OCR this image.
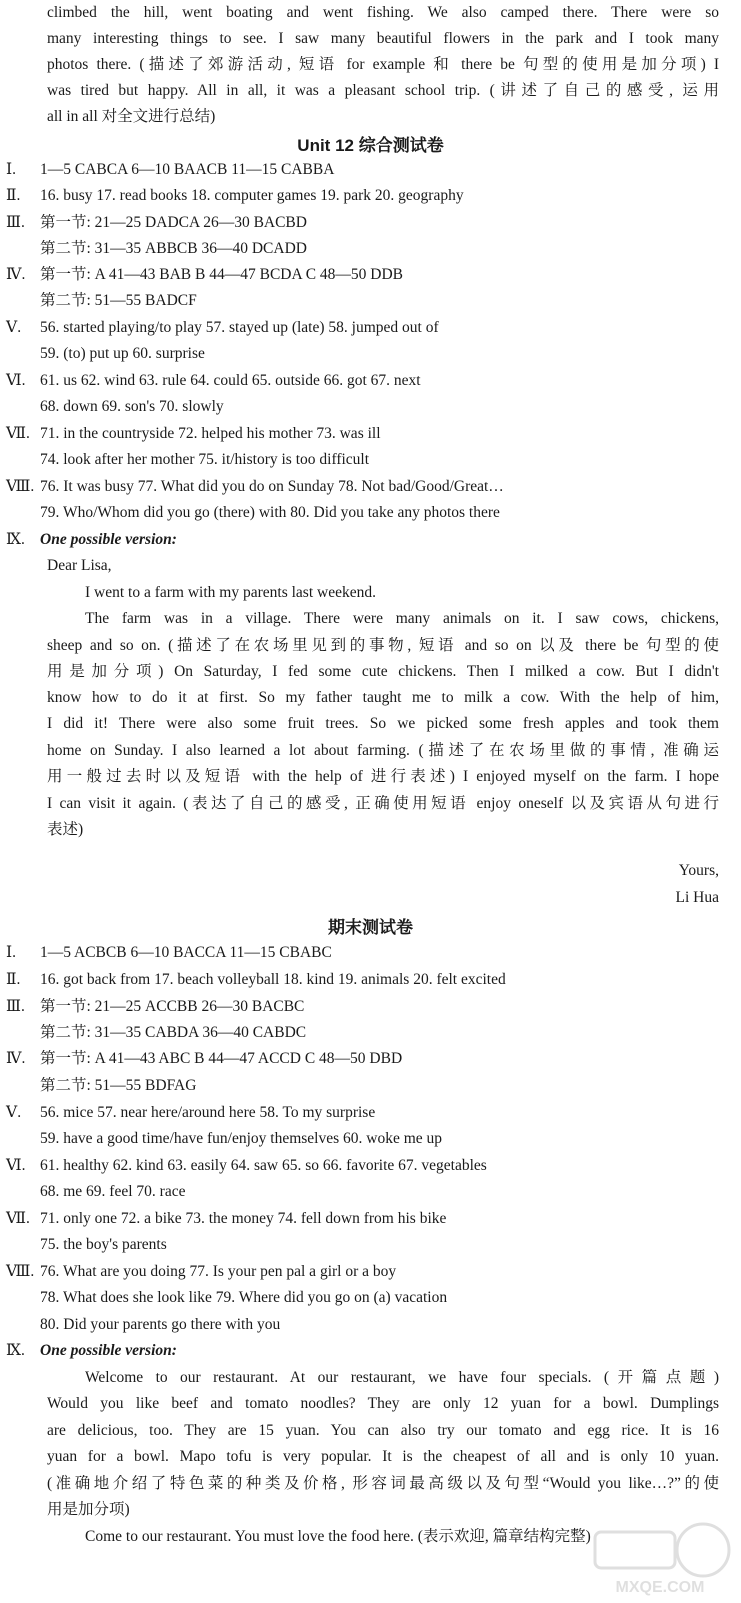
climbed the hill, went boating and went fishing. We also camped there. There were so
many interesting things to see. I saw many beautiful flowers in the park and I took many
photos there. (描述了郊游活动, 短语 for example 和 there be 句型的使用是加分项) I
was tired but happy. All in all, it was a pleasant school trip. (讲述了自己的感受, 运用
all in all 对全文进行总结)
Unit 12 综合测试卷
Ⅰ. 1—5 CABCA 6—10 BAACB 11—15 CABBA
Ⅱ. 16. busy 17. read books 18. computer games 19. park 20. geography
Ⅲ. 第一节: 21—25 DADCA 26—30 BACBD
第二节: 31—35 ABBCB 36—40 DCADD
Ⅳ. 第一节: A 41—43 BAB B 44—47 BCDA C 48—50 DDB
第二节: 51—55 BADCF
Ⅴ. 56. started playing/to play 57. stayed up (late) 58. jumped out of
59. (to) put up 60. surprise
Ⅵ. 61. us 62. wind 63. rule 64. could 65. outside 66. got 67. next
68. down 69. son's 70. slowly
Ⅶ. 71. in the countryside 72. helped his mother 73. was ill
74. look after her mother 75. it/history is too difficult
Ⅷ. 76. It was busy 77. What did you do on Sunday 78. Not bad/Good/Great…
79. Who/Whom did you go (there) with 80. Did you take any photos there
Ⅸ. One possible version:
Dear Lisa,
I went to a farm with my parents last weekend.
The farm was in a village. There were many animals on it. I saw cows, chickens,
sheep and so on. (描述了在农场里见到的事物, 短语 and so on 以及 there be 句型的使
用是加分项) On Saturday, I fed some cute chickens. Then I milked a cow. But I didn't
know how to do it at first. So my father taught me to milk a cow. With the help of him,
I did it! There were also some fruit trees. So we picked some fresh apples and took them
home on Sunday. I also learned a lot about farming. (描述了在农场里做的事情, 准确运
用一般过去时以及短语 with the help of 进行表述) I enjoyed myself on the farm. I hope
I can visit it again. (表达了自己的感受, 正确使用短语 enjoy oneself 以及宾语从句进行
表述)
Yours,
Li Hua
期末测试卷
Ⅰ. 1—5 ACBCB 6—10 BACCA 11—15 CBABC
Ⅱ. 16. got back from 17. beach volleyball 18. kind 19. animals 20. felt excited
Ⅲ. 第一节: 21—25 ACCBB 26—30 BACBC
第二节: 31—35 CABDA 36—40 CABDC
Ⅳ. 第一节: A 41—43 ABC B 44—47 ACCD C 48—50 DBD
第二节: 51—55 BDFAG
Ⅴ. 56. mice 57. near here/around here 58. To my surprise
59. have a good time/have fun/enjoy themselves 60. woke me up
Ⅵ. 61. healthy 62. kind 63. easily 64. saw 65. so 66. favorite 67. vegetables
68. me 69. feel 70. race
Ⅶ. 71. only one 72. a bike 73. the money 74. fell down from his bike
75. the boy's parents
Ⅷ. 76. What are you doing 77. Is your pen pal a girl or a boy
78. What does she look like 79. Where did you go on (a) vacation
80. Did your parents go there with you
Ⅸ. One possible version:
Welcome to our restaurant. At our restaurant, we have four specials. (开篇点题)
Would you like beef and tomato noodles? They are only 12 yuan for a bowl. Dumplings
are delicious, too. They are 15 yuan. You can also try our tomato and egg rice. It is 16
yuan for a bowl. Mapo tofu is very popular. It is the cheapest of all and is only 10 yuan.
(准确地介绍了特色菜的种类及价格, 形容词最高级以及句型“Would you like…?”的使
用是加分项)
Come to our restaurant. You must love the food here. (表示欢迎, 篇章结构完整)
MXQE.COM
